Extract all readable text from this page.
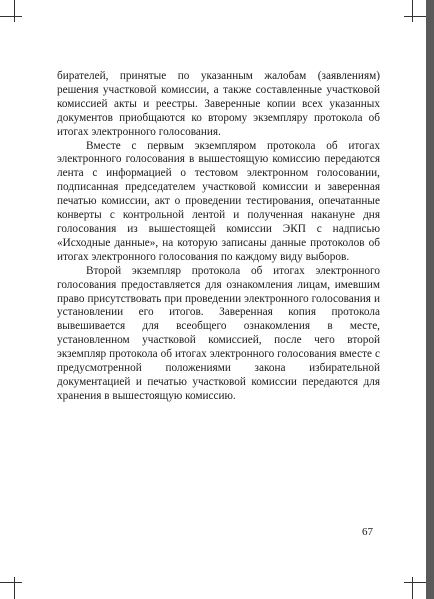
бирателей, принятые по указанным жалобам (заявлениям) решения участковой комиссии, а также составленные участковой комиссией акты и реестры. Заверенные копии всех указанных документов приобщаются ко второму экземпляру протокола об итогах электронного голосования.

Вместе с первым экземпляром протокола об итогах электронного голосования в вышестоящую комиссию передаются лента с информацией о тестовом электронном голосовании, подписанная председателем участковой комиссии и заверенная печатью комиссии, акт о проведении тестирования, опечатанные конверты с контрольной лентой и полученная накануне дня голосования из вышестоящей комиссии ЭКП с надписью «Исходные данные», на которую записаны данные протоколов об итогах электронного голосования по каждому виду выборов.

Второй экземпляр протокола об итогах электронного голосования предоставляется для ознакомления лицам, имевшим право присутствовать при проведении электронного голосования и установлении его итогов. Заверенная копия протокола вывешивается для всеобщего ознакомления в месте, установленном участковой комиссией, после чего второй экземпляр протокола об итогах электронного голосования вместе с предусмотренной положениями закона избирательной документацией и печатью участковой комиссии передаются для хранения в вышестоящую комиссию.

67
